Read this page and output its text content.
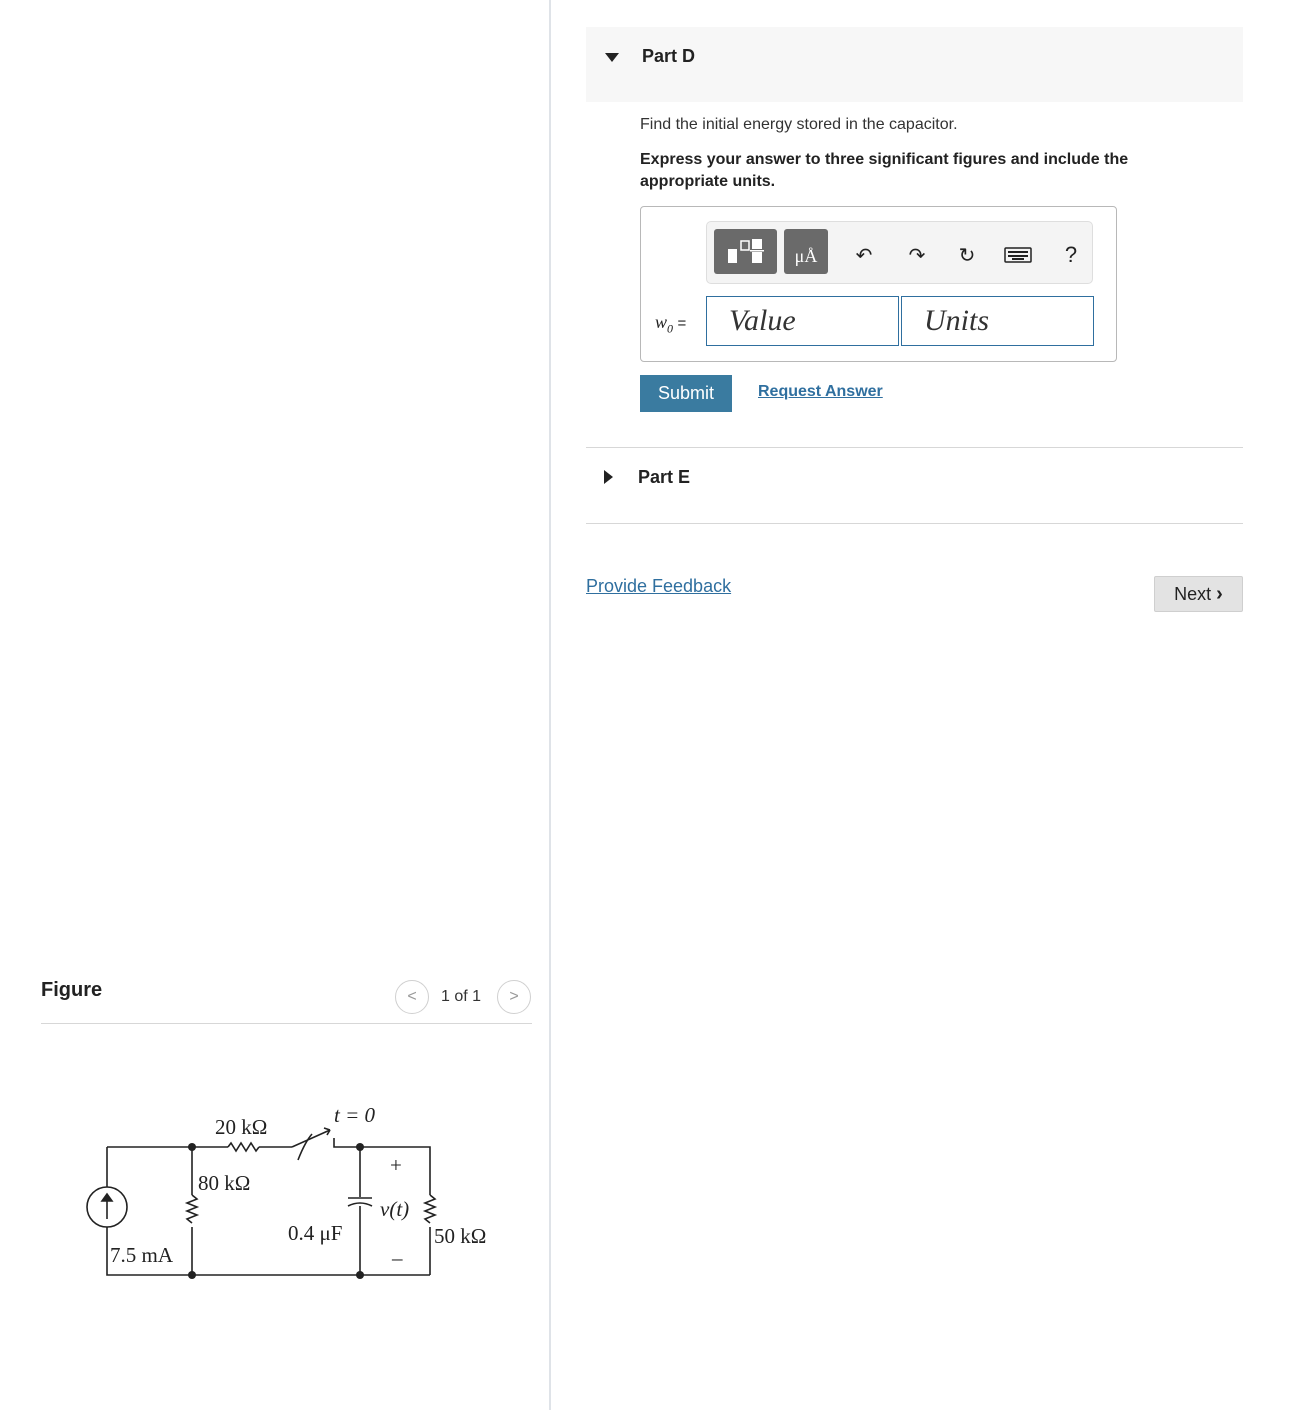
Figure	<	1 of 1	>
20 kΩ
80 kΩ
50 kΩ
7.5 mA
0.4 μF
t = 0
v(t)
+
–
Part D
Find the initial energy stored in the capacitor.
Express your answer to three significant figures and include the appropriate units.
μÅ	↶	↷	↻	?
$w_0$ =
Value
Units
Submit	Request Answer
Part E
Provide Feedback	Next ›
